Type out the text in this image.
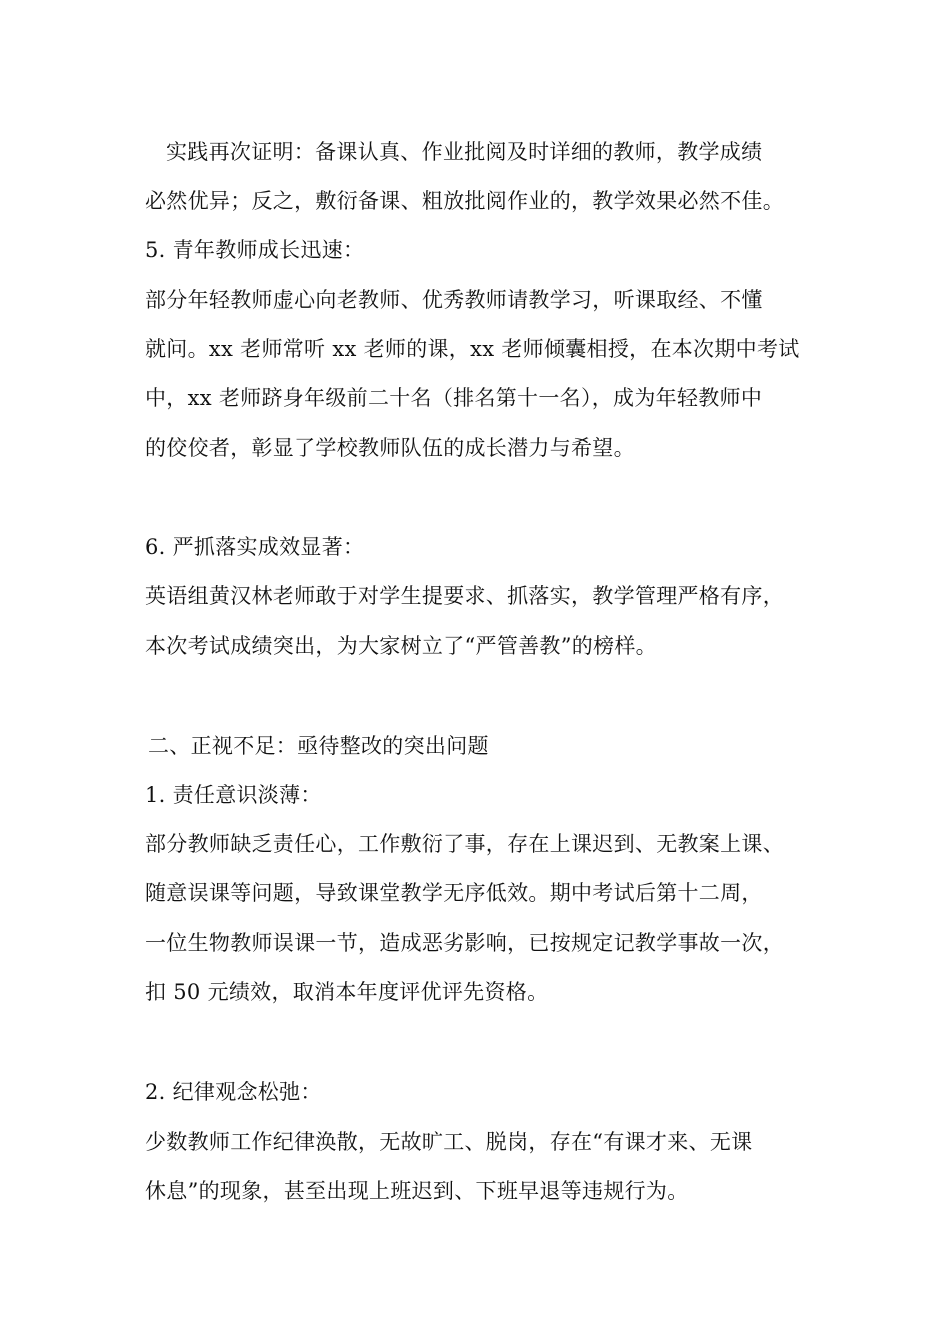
实践再次证明：备课认真、作业批阅及时详细的教师，教学成绩
必然优异；反之，敷衍备课、粗放批阅作业的，教学效果必然不佳。
5. 青年教师成长迅速：
部分年轻教师虚心向老教师、优秀教师请教学习，听课取经、不懂
就问。xx 老师常听 xx 老师的课，xx 老师倾囊相授，在本次期中考试
中，xx 老师跻身年级前二十名（排名第十一名），成为年轻教师中
的佼佼者，彰显了学校教师队伍的成长潜力与希望。
6. 严抓落实成效显著：
英语组黄汉林老师敢于对学生提要求、抓落实，教学管理严格有序，
本次考试成绩突出，为大家树立了“严管善教”的榜样。
二、正视不足：亟待整改的突出问题
1. 责任意识淡薄：
部分教师缺乏责任心，工作敷衍了事，存在上课迟到、无教案上课、
随意误课等问题，导致课堂教学无序低效。期中考试后第十二周，
一位生物教师误课一节，造成恶劣影响，已按规定记教学事故一次，
扣 50 元绩效，取消本年度评优评先资格。
2. 纪律观念松弛：
少数教师工作纪律涣散，无故旷工、脱岗，存在“有课才来、无课
休息”的现象，甚至出现上班迟到、下班早退等违规行为。
